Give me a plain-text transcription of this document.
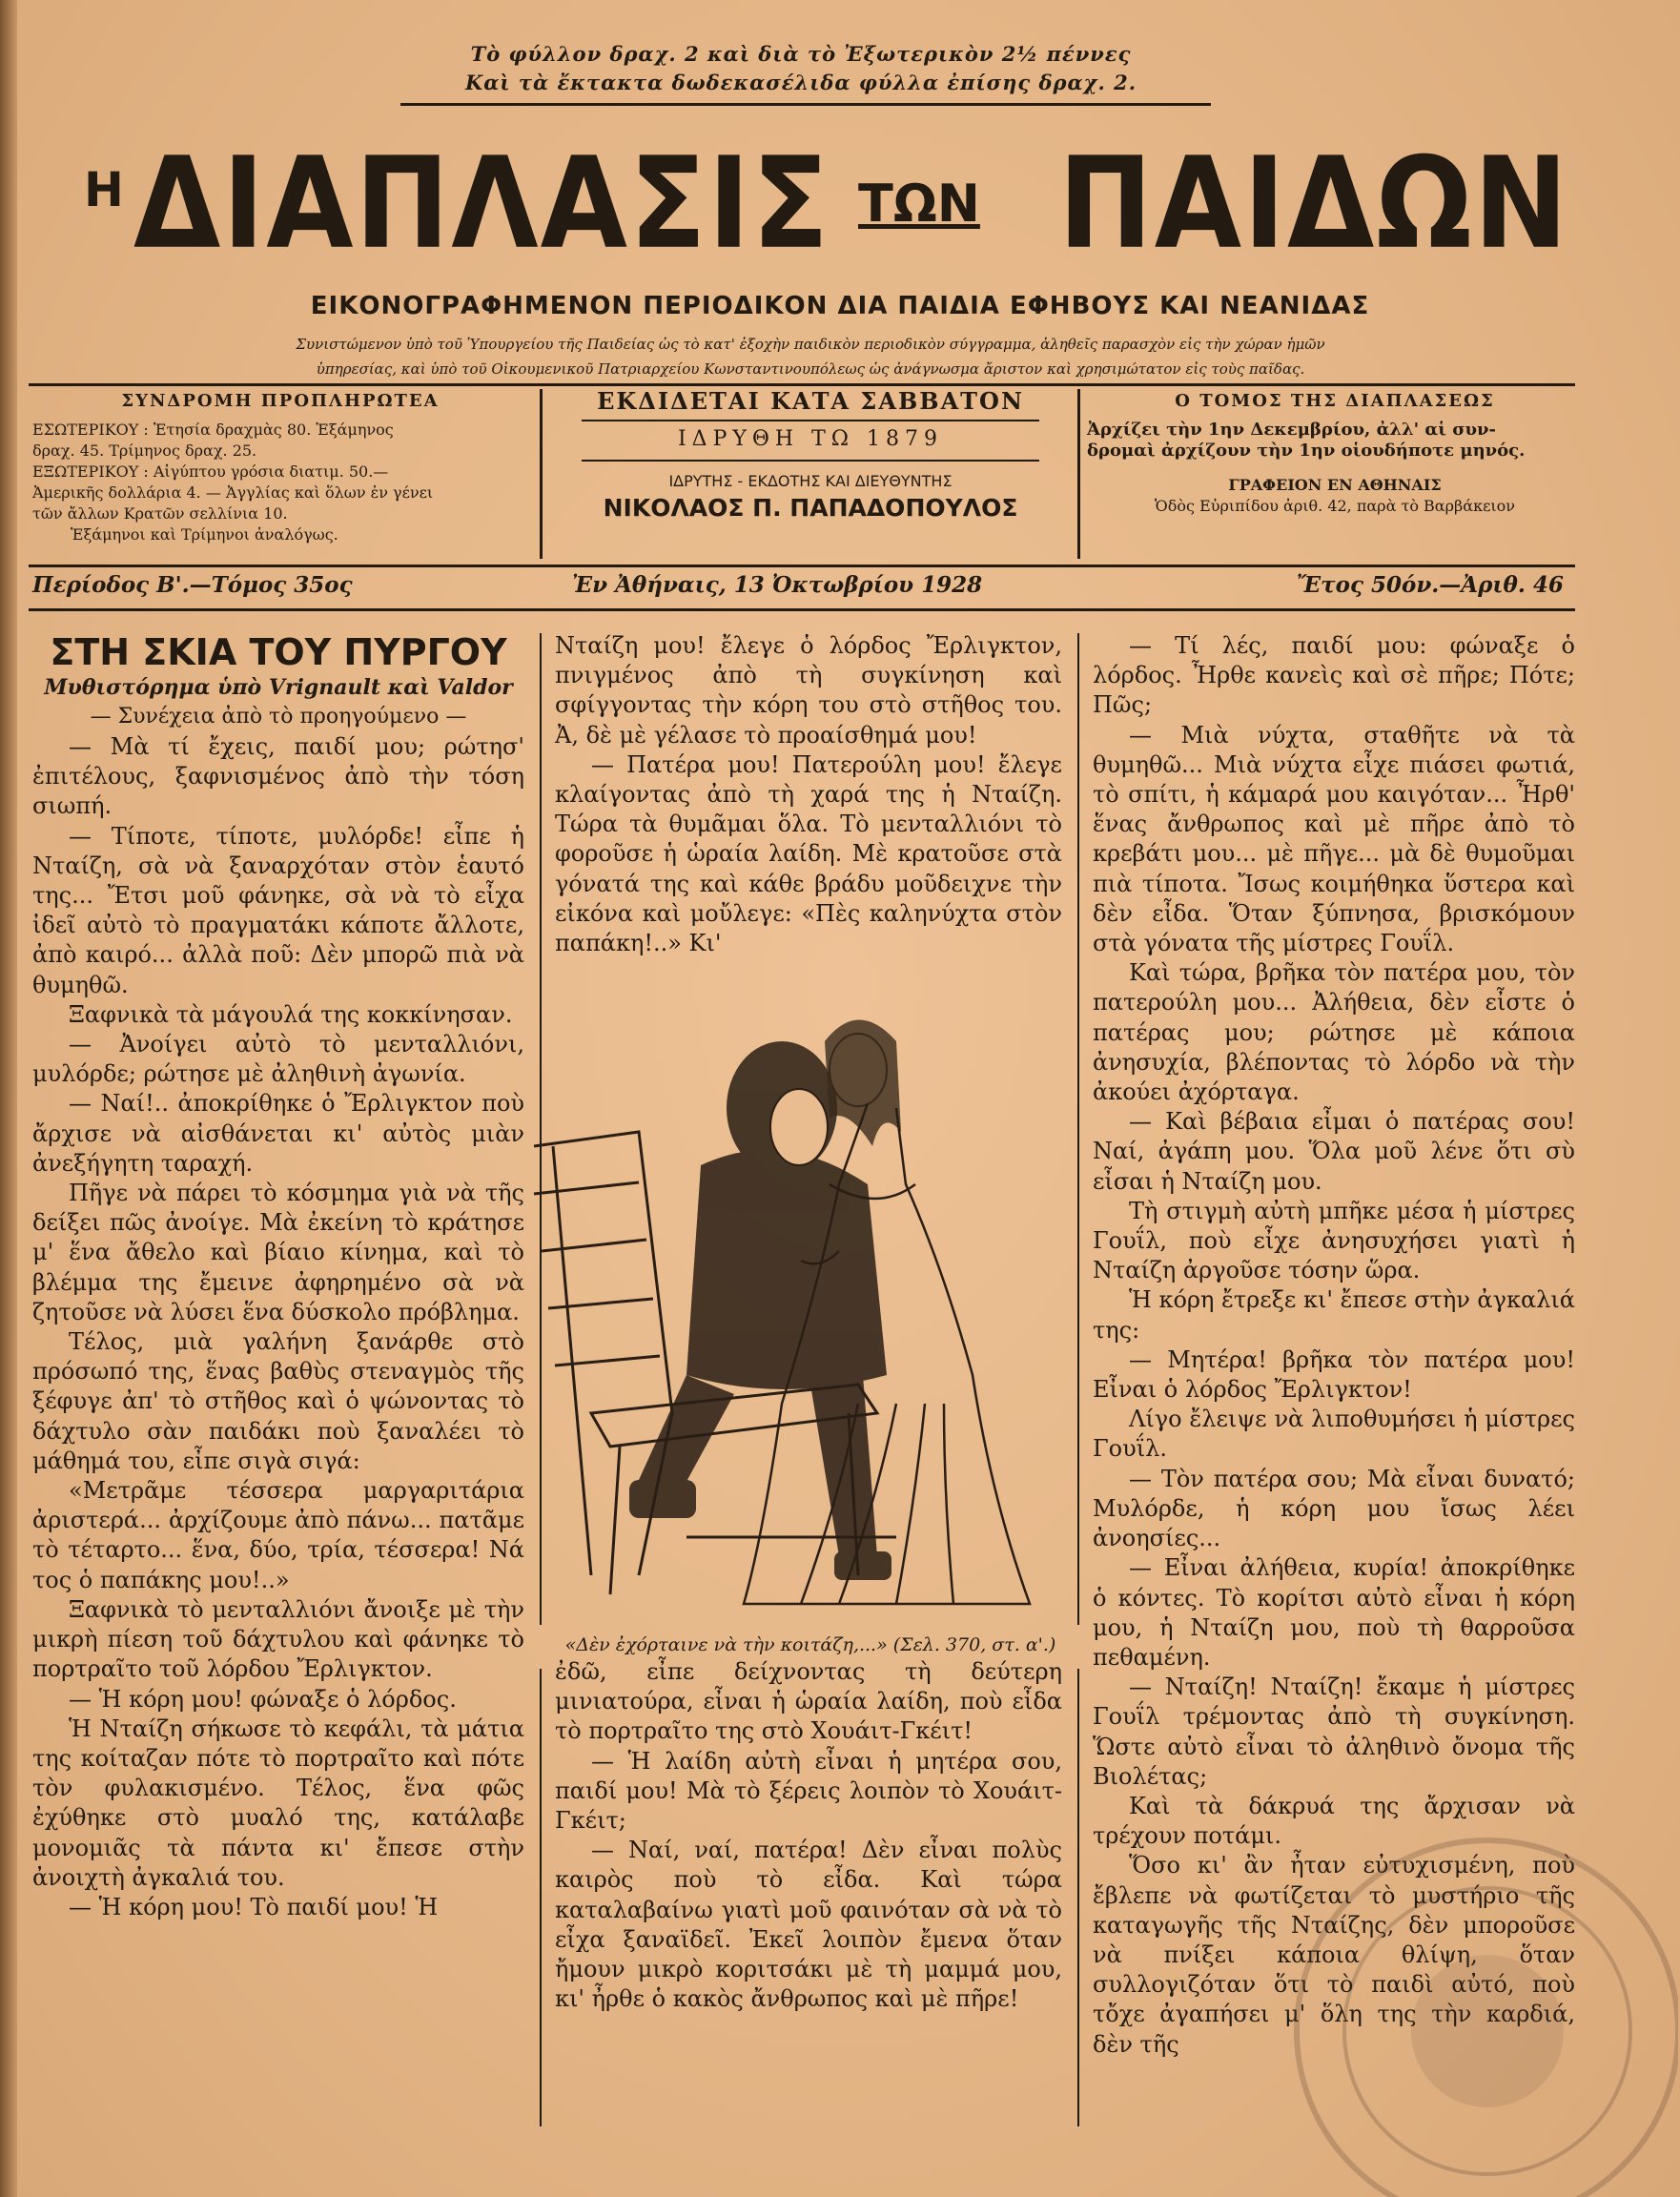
Τὸ φύλλον δραχ. 2 καὶ διὰ τὸ Ἐξωτερικὸν 2½ πέννες
Καὶ τὰ ἔκτακτα δωδεκασέλιδα φύλλα ἐπίσης δραχ. 2.
Η ΔΙΑΠΛΑΣΙΣ ΤΩΝ ΠΑΙΔΩΝ
ΕΙΚΟΝΟΓΡΑΦΗΜΕΝΟΝ ΠΕΡΙΟΔΙΚΟΝ ΔΙΑ ΠΑΙΔΙΑ ΕΦΗΒΟΥΣ ΚΑΙ ΝΕΑΝΙΔΑΣ
Συνιστώμενον ὑπὸ τοῦ Ὑπουργείου τῆς Παιδείας ὡς τὸ κατ' ἐξοχὴν παιδικὸν περιοδικὸν σύγγραμμα, ἀληθεῖς παρασχὸν εἰς τὴν χώραν ἡμῶν
ὑπηρεσίας, καὶ ὑπὸ τοῦ Οἰκουμενικοῦ Πατριαρχείου Κωνσταντινουπόλεως ὡς ἀνάγνωσμα ἄριστον καὶ χρησιμώτατον εἰς τοὺς παῖδας.
ΣΥΝΔΡΟΜΗ ΠΡΟΠΛΗΡΩΤΕΑ
ΕΣΩΤΕΡΙΚΟΥ : Ἐτησία δραχμὰς 80. Ἑξάμηνος
δραχ. 45. Τρίμηνος δραχ. 25.
ΕΞΩΤΕΡΙΚΟΥ : Αἰγύπτου γρόσια διατιμ. 50.—
Ἀμερικῆς δολλάρια 4. — Ἀγγλίας καὶ ὅλων ἐν γένει
τῶν ἄλλων Κρατῶν σελλίνια 10.
Ἑξάμηνοι καὶ Τρίμηνοι ἀναλόγως.
ΕΚΔΙΔΕΤΑΙ ΚΑΤΑ ΣΑΒΒΑΤΟΝ
ΙΔΡΥΘΗ ΤΩ 1879
ΙΔΡΥΤΗΣ - ΕΚΔΟΤΗΣ ΚΑΙ ΔΙΕΥΘΥΝΤΗΣ
ΝΙΚΟΛΑΟΣ Π. ΠΑΠΑΔΟΠΟΥΛΟΣ
Ο ΤΟΜΟΣ ΤΗΣ ΔΙΑΠΛΑΣΕΩΣ
Ἀρχίζει τὴν 1ην Δεκεμβρίου, ἀλλ' αἱ συν-
δρομαὶ ἀρχίζουν τὴν 1ην οἱουδήποτε μηνός.
ΓΡΑΦΕΙΟΝ ΕΝ ΑΘΗΝΑΙΣ
Ὁδὸς Εὐριπίδου ἀριθ. 42, παρὰ τὸ Βαρβάκειον
Περίοδος Β'.—Τόμος 35ος	Ἐν Ἀθήναις, 13 Ὀκτωβρίου 1928	Ἔτος 50όν.—Ἀριθ. 46

ΣΤΗ ΣΚΙΑ ΤΟΥ ΠΥΡΓΟΥ

Μυθιστόρημα ὑπὸ Vrignault καὶ Valdor

— Συνέχεια ἀπὸ τὸ προηγούμενο —

— Μὰ τί ἔχεις, παιδί μου; ρώτησ' ἐπιτέλους, ξαφνισμένος ἀπὸ τὴν τόση σιωπή.

— Τίποτε, τίποτε, μυλόρδε! εἶπε ἡ Νταίζη, σὰ νὰ ξαναρχόταν στὸν ἑαυτό της... Ἔτσι μοῦ φάνηκε, σὰ νὰ τὸ εἶχα ἰδεῖ αὐτὸ τὸ πραγματάκι κάποτε ἄλλοτε, ἀπὸ καιρό... ἀλλὰ ποῦ: Δὲν μπορῶ πιὰ νὰ θυμηθῶ.

Ξαφνικὰ τὰ μάγουλά της κοκκίνησαν.

— Ἀνοίγει αὐτὸ τὸ μενταλλιόνι, μυλόρδε; ρώτησε μὲ ἀληθινὴ ἀγωνία.

— Ναί!.. ἀποκρίθηκε ὁ Ἔρλιγκτον ποὺ ἄρχισε νὰ αἰσθάνεται κι' αὐτὸς μιὰν ἀνεξήγητη ταραχή.

Πῆγε νὰ πάρει τὸ κόσμημα γιὰ νὰ τῆς δείξει πῶς ἀνοίγε. Μὰ ἐκείνη τὸ κράτησε μ' ἕνα ἄθελο καὶ βίαιο κίνημα, καὶ τὸ βλέμμα της ἔμεινε ἀφηρημένο σὰ νὰ ζητοῦσε νὰ λύσει ἕνα δύσκολο πρόβλημα.

Τέλος, μιὰ γαλήνη ξανάρθε στὸ πρόσωπό της, ἕνας βαθὺς στεναγμὸς τῆς ξέφυγε ἀπ' τὸ στῆθος καὶ ὁ ψώνοντας τὸ δάχτυλο σὰν παιδάκι ποὺ ξαναλέει τὸ μάθημά του, εἶπε σιγὰ σιγά:

«Μετρᾶμε τέσσερα μαργαριτάρια ἀριστερά... ἀρχίζουμε ἀπὸ πάνω... πατᾶμε τὸ τέταρτο... ἕνα, δύο, τρία, τέσσερα! Νά τος ὁ παπάκης μου!..»

Ξαφνικὰ τὸ μενταλλιόνι ἄνοιξε μὲ τὴν μικρὴ πίεση τοῦ δάχτυλου καὶ φάνηκε τὸ πορτραῖτο τοῦ λόρδου Ἔρλιγκτον.

— Ἡ κόρη μου! φώναξε ὁ λόρδος.

Ἡ Νταίζη σήκωσε τὸ κεφάλι, τὰ μάτια της κοίταζαν πότε τὸ πορτραῖτο καὶ πότε τὸν φυλακισμένο. Τέλος, ἕνα φῶς ἐχύθηκε στὸ μυαλό της, κατάλαβε μονομιᾶς τὰ πάντα κι' ἔπεσε στὴν ἀνοιχτὴ ἀγκαλιά του.

— Ἡ κόρη μου! Τὸ παιδί μου! Ἡ

Νταίζη μου! ἔλεγε ὁ λόρδος Ἔρλιγκτον, πνιγμένος ἀπὸ τὴ συγκίνηση καὶ σφίγγοντας τὴν κόρη του στὸ στῆθος του. Ἀ, δὲ μὲ γέλασε τὸ προαίσθημά μου!

— Πατέρα μου! Πατερούλη μου! ἔλεγε κλαίγοντας ἀπὸ τὴ χαρά της ἡ Νταίζη. Τώρα τὰ θυμᾶμαι ὅλα. Τὸ μενταλλιόνι τὸ φοροῦσε ἡ ὡραία λαίδη. Μὲ κρατοῦσε στὰ γόνατά της καὶ κάθε βράδυ μοῦδειχνε τὴν εἰκόνα καὶ μοὔλεγε: «Πὲς καληνύχτα στὸν παπάκη!..» Κι'

«Δὲν ἐχόρταινε νὰ τὴν κοιτάζη,...» (Σελ. 370, στ. α'.)

ἐδῶ, εἶπε δείχνοντας τὴ δεύτερη μινιατούρα, εἶναι ἡ ὡραία λαίδη, ποὺ εἶδα τὸ πορτραῖτο της στὸ Χουάιτ-Γκέιτ!

— Ἡ λαίδη αὐτὴ εἶναι ἡ μητέρα σου, παιδί μου! Μὰ τὸ ξέρεις λοιπὸν τὸ Χουάιτ-Γκέιτ;

— Ναί, ναί, πατέρα! Δὲν εἶναι πολὺς καιρὸς ποὺ τὸ εἶδα. Καὶ τώρα καταλαβαίνω γιατὶ μοῦ φαινόταν σὰ νὰ τὸ εἶχα ξαναϊδεῖ. Ἐκεῖ λοιπὸν ἔμενα ὅταν ἤμουν μικρὸ κοριτσάκι μὲ τὴ μαμμά μου, κι' ἦρθε ὁ κακὸς ἄνθρωπος καὶ μὲ πῆρε!

— Τί λές, παιδί μου: φώναξε ὁ λόρδος. Ἦρθε κανεὶς καὶ σὲ πῆρε; Πότε; Πῶς;

— Μιὰ νύχτα, σταθῆτε νὰ τὰ θυμηθῶ... Μιὰ νύχτα εἶχε πιάσει φωτιά, τὸ σπίτι, ἡ κάμαρά μου καιγόταν... Ἦρθ' ἕνας ἄνθρωπος καὶ μὲ πῆρε ἀπὸ τὸ κρεβάτι μου... μὲ πῆγε... μὰ δὲ θυμοῦμαι πιὰ τίποτα. Ἴσως κοιμήθηκα ὕστερα καὶ δὲν εἶδα. Ὅταν ξύπνησα, βρισκόμουν στὰ γόνατα τῆς μίστρες Γουΐλ.

Καὶ τώρα, βρῆκα τὸν πατέρα μου, τὸν πατερούλη μου... Ἀλήθεια, δὲν εἶστε ὁ πατέρας μου; ρώτησε μὲ κάποια ἀνησυχία, βλέποντας τὸ λόρδο νὰ τὴν ἀκούει ἀχόρταγα.

— Καὶ βέβαια εἶμαι ὁ πατέρας σου! Ναί, ἀγάπη μου. Ὅλα μοῦ λένε ὅτι σὺ εἶσαι ἡ Νταίζη μου.

Τὴ στιγμὴ αὐτὴ μπῆκε μέσα ἡ μίστρες Γουΐλ, ποὺ εἶχε ἀνησυχήσει γιατὶ ἡ Νταίζη ἀργοῦσε τόσην ὥρα.

Ἡ κόρη ἔτρεξε κι' ἔπεσε στὴν ἀγκαλιά της:

— Μητέρα! βρῆκα τὸν πατέρα μου! Εἶναι ὁ λόρδος Ἔρλιγκτον!

Λίγο ἔλειψε νὰ λιποθυμήσει ἡ μίστρες Γουΐλ.

— Τὸν πατέρα σου; Μὰ εἶναι δυνατό; Μυλόρδε, ἡ κόρη μου ἴσως λέει ἀνοησίες...

— Εἶναι ἀλήθεια, κυρία! ἀποκρίθηκε ὁ κόντες. Τὸ κορίτσι αὐτὸ εἶναι ἡ κόρη μου, ἡ Νταίζη μου, ποὺ τὴ θαρροῦσα πεθαμένη.

— Νταίζη! Νταίζη! ἔκαμε ἡ μίστρες Γουΐλ τρέμοντας ἀπὸ τὴ συγκίνηση. Ὥστε αὐτὸ εἶναι τὸ ἀληθινὸ ὄνομα τῆς Βιολέτας;

Καὶ τὰ δάκρυά της ἄρχισαν νὰ τρέχουν ποτάμι.

Ὅσο κι' ἂν ἦταν εὐτυχισμένη, ποὺ ἔβλεπε νὰ φωτίζεται τὸ μυστήριο τῆς καταγωγῆς τῆς Νταίζης, δὲν μποροῦσε νὰ πνίξει κάποια θλίψη, ὅταν συλλογιζόταν ὅτι τὸ παιδὶ αὐτό, ποὺ τὄχε ἀγαπήσει μ' ὅλη της τὴν καρδιά, δὲν τῆς
